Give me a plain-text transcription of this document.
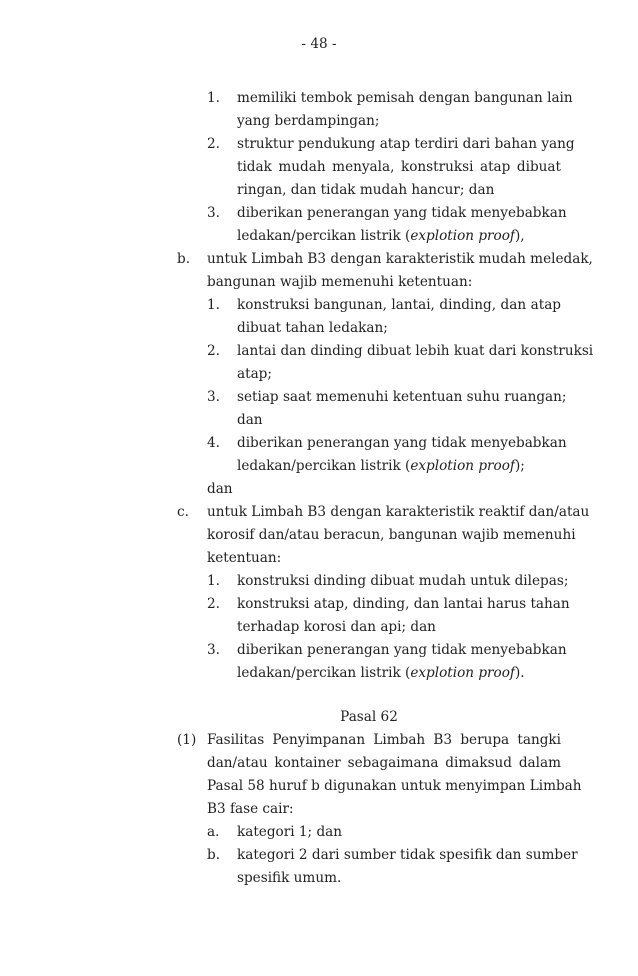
- 48 -
1. memiliki tembok pemisah dengan bangunan lain
yang berdampingan;
2. struktur pendukung atap terdiri dari bahan yang
tidak mudah menyala, konstruksi atap dibuat
ringan, dan tidak mudah hancur; dan
3. diberikan penerangan yang tidak menyebabkan
ledakan/percikan listrik (explotion proof),
b. untuk Limbah B3 dengan karakteristik mudah meledak,
bangunan wajib memenuhi ketentuan:
1. konstruksi bangunan, lantai, dinding, dan atap
dibuat tahan ledakan;
2. lantai dan dinding dibuat lebih kuat dari konstruksi
atap;
3. setiap saat memenuhi ketentuan suhu ruangan;
dan
4. diberikan penerangan yang tidak menyebabkan
ledakan/percikan listrik (explotion proof);
dan
c. untuk Limbah B3 dengan karakteristik reaktif dan/atau
korosif dan/atau beracun, bangunan wajib memenuhi
ketentuan:
1. konstruksi dinding dibuat mudah untuk dilepas;
2. konstruksi atap, dinding, dan lantai harus tahan
terhadap korosi dan api; dan
3. diberikan penerangan yang tidak menyebabkan
ledakan/percikan listrik (explotion proof).
Pasal 62
(1) Fasilitas Penyimpanan Limbah B3 berupa tangki
dan/atau kontainer sebagaimana dimaksud dalam
Pasal 58 huruf b digunakan untuk menyimpan Limbah
B3 fase cair:
a. kategori 1; dan
b. kategori 2 dari sumber tidak spesifik dan sumber
spesifik umum.
